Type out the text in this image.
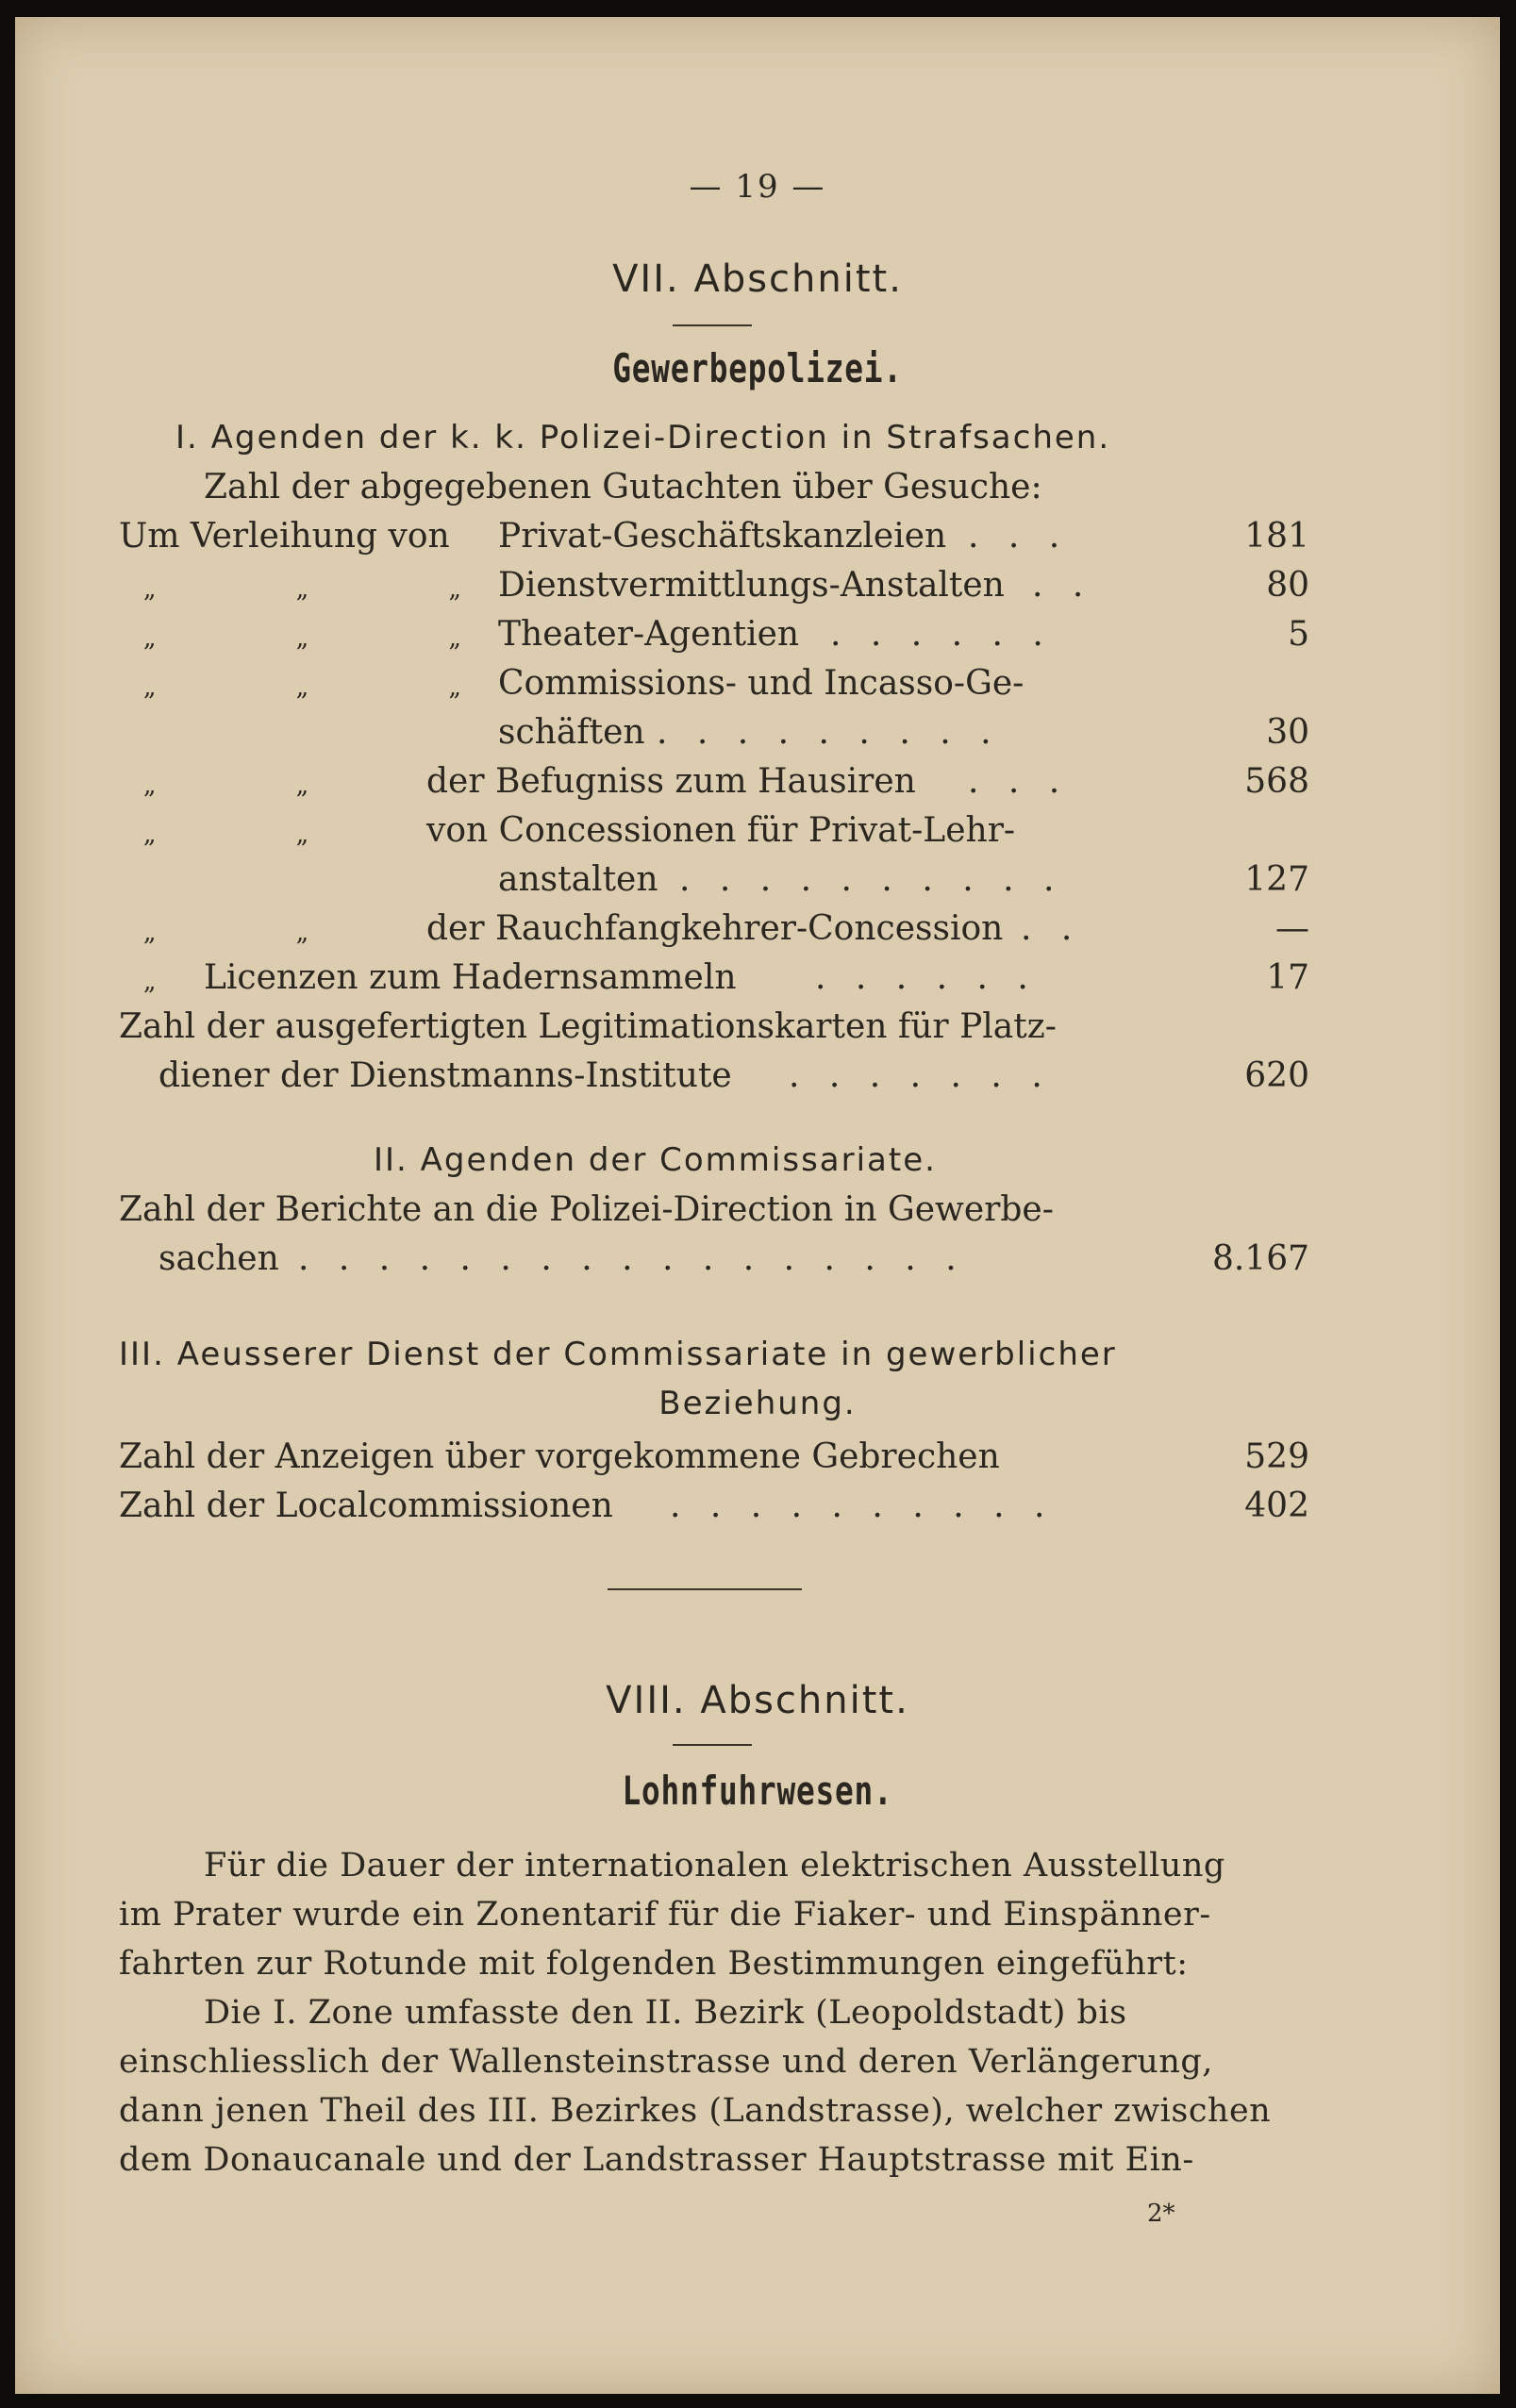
— 19 —
VII. Abschnitt.
Gewerbepolizei.
I. Agenden der k. k. Polizei-Direction in Strafsachen.
Zahl der abgegebenen Gutachten über Gesuche:
Um Verleihung von Privat-Geschäftskanzleien . . .	181
„ „ „ Dienstvermittlungs-Anstalten . .	80
„ „ „ Theater-Agentien . . . . . .	5
„ „ „ Commissions- und Incasso-Ge-
schäften . . . . . . . . .	30
„ „	der Befugniss zum Hausiren . . .	568
„ „	von Concessionen für Privat-Lehr-
anstalten . . . . . . . . . .	127
„ „	der Rauchfangkehrer-Concession . .	—
„ Licenzen zum Hadernsammeln . . . . . .	17
Zahl der ausgefertigten Legitimationskarten für Platz-
diener der Dienstmanns-Institute . . . . . . .	620
II. Agenden der Commissariate.
Zahl der Berichte an die Polizei-Direction in Gewerbe-
sachen . . . . . . . . . . . . . . . . .	8.167
III. Aeusserer Dienst der Commissariate in gewerblicher
Beziehung.
Zahl der Anzeigen über vorgekommene Gebrechen	529
Zahl der Localcommissionen . . . . . . . . . .	402
VIII. Abschnitt.
Lohnfuhrwesen.
Für die Dauer der internationalen elektrischen Ausstellung
im Prater wurde ein Zonentarif für die Fiaker- und Einspänner-
fahrten zur Rotunde mit folgenden Bestimmungen eingeführt:
Die I. Zone umfasste den II. Bezirk (Leopoldstadt) bis
einschliesslich der Wallensteinstrasse und deren Verlängerung,
dann jenen Theil des III. Bezirkes (Landstrasse), welcher zwischen
dem Donaucanale und der Landstrasser Hauptstrasse mit Ein-
2*
